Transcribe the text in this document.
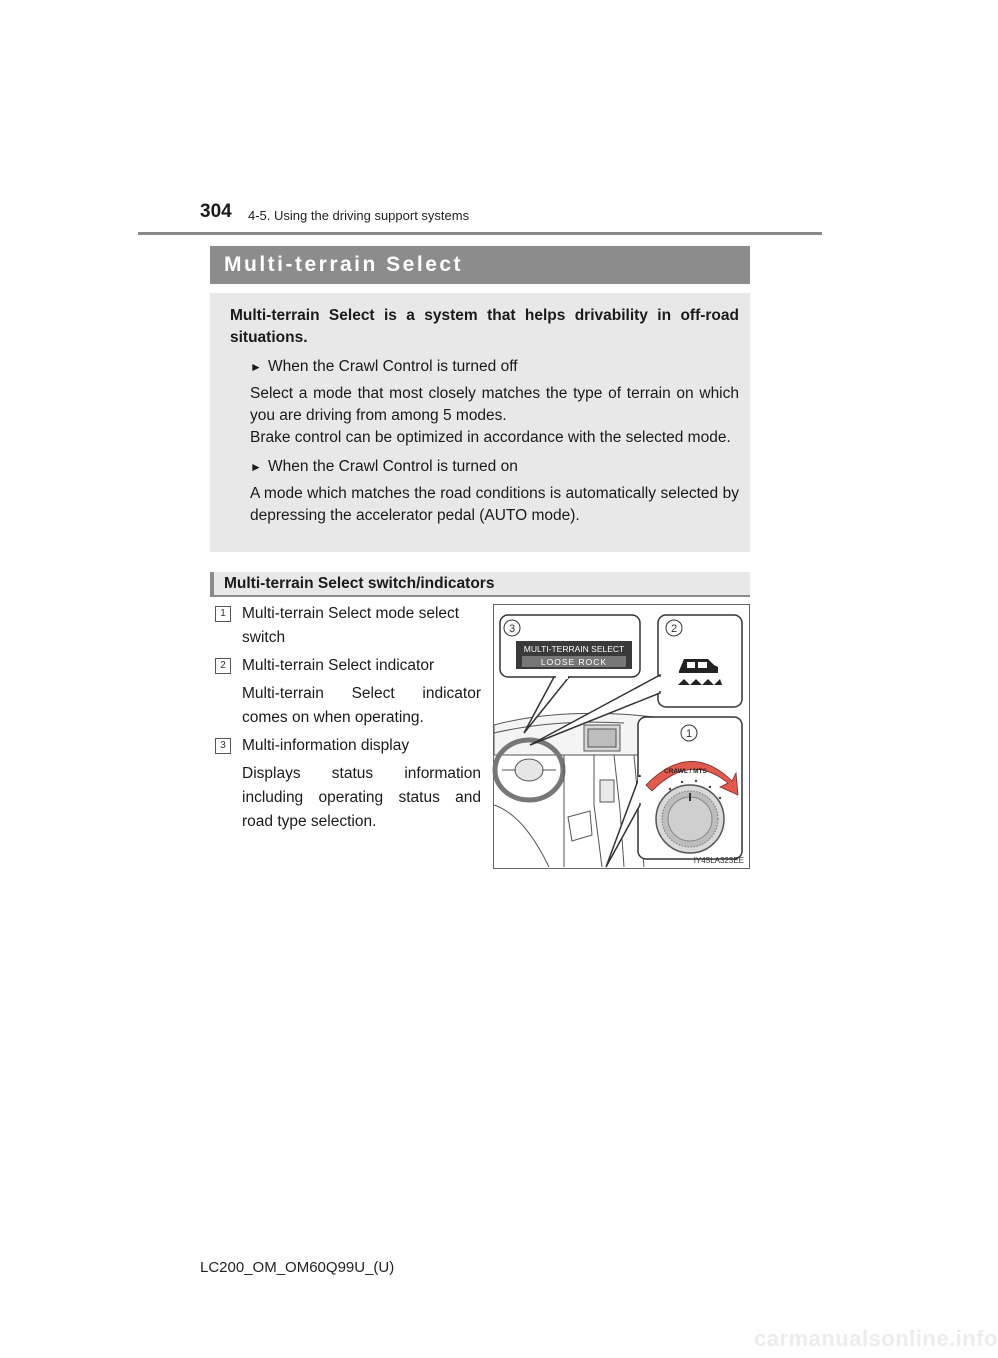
304 4-5. Using the driving support systems
Multi-terrain Select

Multi-terrain Select is a system that helps drivability in off-road situations.

► When the Crawl Control is turned off
Select a mode that most closely matches the type of terrain on which you are driving from among 5 modes.
Brake control can be optimized in accordance with the selected mode.
► When the Crawl Control is turned on
A mode which matches the road conditions is automatically selected by depressing the accelerator pedal (AUTO mode).
Multi-terrain Select switch/indicators
1	Multi-terrain Select mode select switch

2	Multi-terrain Select indicator

Multi-terrain Select indicator comes on when operating.

3	Multi-information display

Displays status information including operating status and road type selection.

3
MULTI-TERRAIN SELECT
LOOSE ROCK
2
1
CRAWL / MTS
IY45LA323EE
LC200_OM_OM60Q99U_(U)
carmanualsonline.info
